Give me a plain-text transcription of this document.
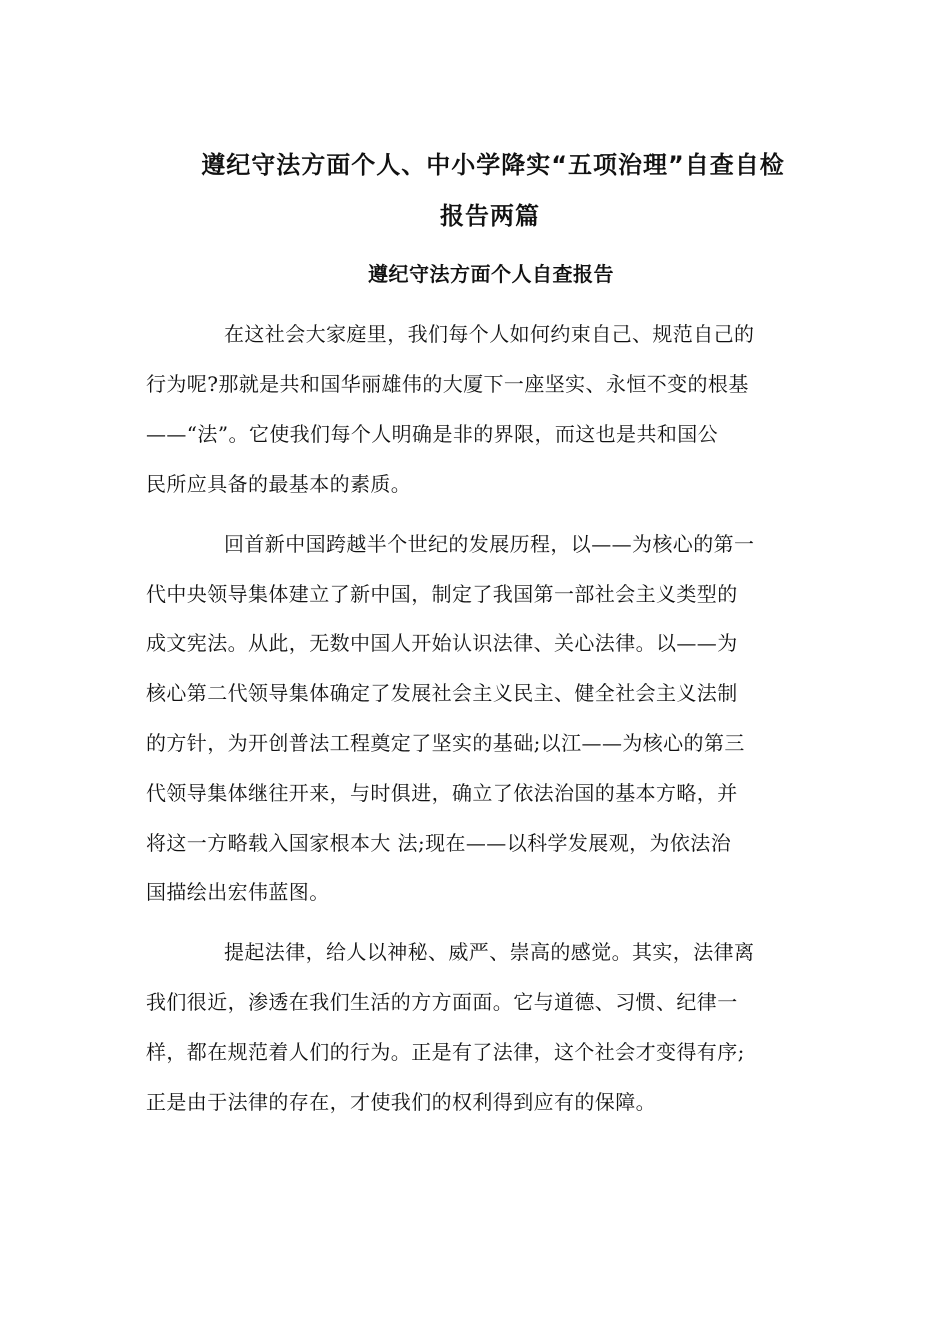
遵纪守法方面个人、中小学降实“五项治理”自查自检
报告两篇
遵纪守法方面个人自查报告
在这社会大家庭里，我们每个人如何约束自己、规范自己的
行为呢?那就是共和国华丽雄伟的大厦下一座坚实、永恒不变的根基
——“法”。它使我们每个人明确是非的界限，而这也是共和国公
民所应具备的最基本的素质。
回首新中国跨越半个世纪的发展历程，以——为核心的第一
代中央领导集体建立了新中国，制定了我国第一部社会主义类型的
成文宪法。从此，无数中国人开始认识法律、关心法律。以——为
核心第二代领导集体确定了发展社会主义民主、健全社会主义法制
的方针，为开创普法工程奠定了坚实的基础;以江——为核心的第三
代领导集体继往开来，与时俱进，确立了依法治国的基本方略，并
将这一方略载入国家根本大 法;现在——以科学发展观，为依法治
国描绘出宏伟蓝图。
提起法律，给人以神秘、威严、崇高的感觉。其实，法律离
我们很近，渗透在我们生活的方方面面。它与道德、习惯、纪律一
样，都在规范着人们的行为。正是有了法律，这个社会才变得有序;
正是由于法律的存在，才使我们的权利得到应有的保障。
